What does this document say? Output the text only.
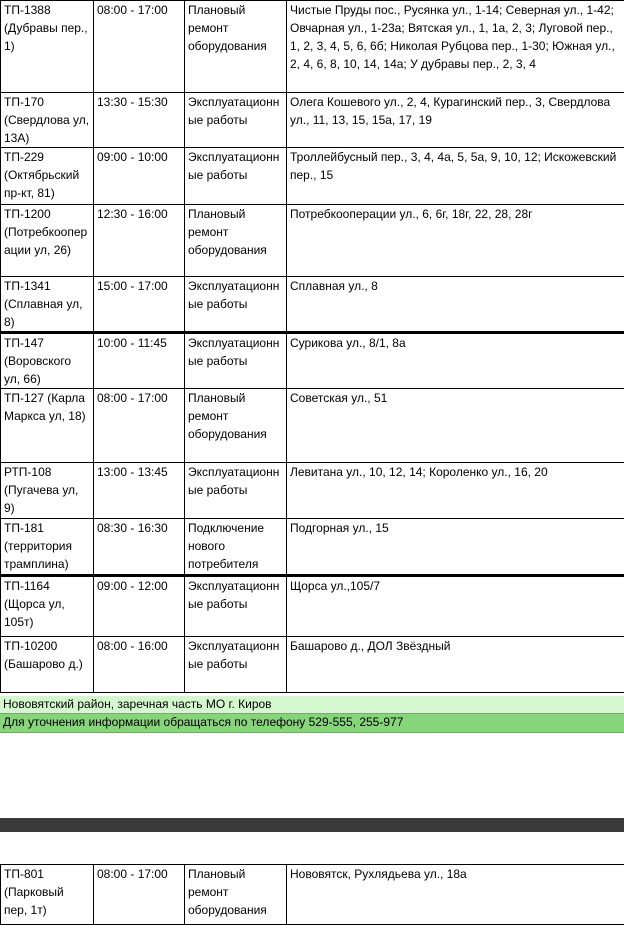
ТП-1388 (Дубравы пер., 1)	08:00 - 17:00	Плановый ремонт оборудования	Чистые Пруды пос., Русянка ул., 1-14; Северная ул., 1-42; Овчарная ул., 1-23а; Вятская ул., 1, 1а, 2, 3; Луговой пер., 1, 2, 3, 4, 5, 6, 6б; Николая Рубцова пер., 1-30; Южная ул., 2, 4, 6, 8, 10, 14, 14а; У дубравы пер., 2, 3, 4
ТП-170 (Свердлова ул, 13А)	13:30 - 15:30	Эксплуатационные работы	Олега Кошевого ул., 2, 4, Курагинский пер., 3, Свердлова ул., 11, 13, 15, 15а, 17, 19
ТП-229 (Октябрьский пр-кт, 81)	09:00 - 10:00	Эксплуатационные работы	Троллейбусный пер., 3, 4, 4а, 5, 5а, 9, 10, 12; Искожевский пер., 15
ТП-1200 (Потребкооперации ул, 26)	12:30 - 16:00	Плановый ремонт оборудования	Потребкооперации ул., 6, 6г, 18г, 22, 28, 28г
ТП-1341 (Сплавная ул, 8)	15:00 - 17:00	Эксплуатационные работы	Сплавная ул., 8
ТП-147 (Воровского ул, 66)	10:00 - 11:45	Эксплуатационные работы	Сурикова ул., 8/1, 8а
ТП-127 (Карла Маркса ул, 18)	08:00 - 17:00	Плановый ремонт оборудования	Советская ул., 51
РТП-108 (Пугачева ул, 9)	13:00 - 13:45	Эксплуатационные работы	Левитана ул., 10, 12, 14; Короленко ул., 16, 20
ТП-181 (территория трамплина)	08:30 - 16:30	Подключение нового потребителя	Подгорная ул., 15
ТП-1164 (Щорса ул, 105т)	09:00 - 12:00	Эксплуатационные работы	Щорса ул.,105/7
ТП-10200 (Башарово д.)	08:00 - 16:00	Эксплуатационные работы	Башарово д., ДОЛ Звёздный
Нововятский район, заречная часть МО г. Киров
Для уточнения информации обращаться по телефону 529-555, 255-977
ТП-801 (Парковый пер, 1т)	08:00 - 17:00	Плановый ремонт оборудования	Нововятск, Рухлядьева ул., 18а
